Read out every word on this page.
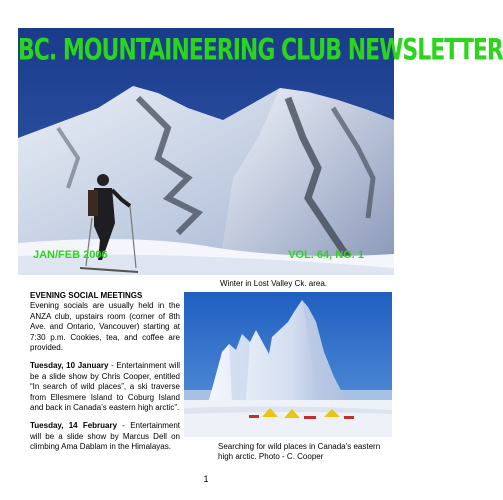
BC. MOUNTAINEERING CLUB NEWSLETTER
JAN/FEB 2006	VOL. 64, NO. 1
Winter in Lost Valley Ck. area.

EVENING SOCIAL MEETINGS
Evening socials are usually held in the ANZA club, upstairs room (corner of 8th Ave. and Ontario, Vancouver) starting at 7:30 p.m. Cookies, tea, and coffee are provided.

Tuesday, 10 January - Entertainment will be a slide show by Chris Cooper, entitled “In search of wild places”, a ski traverse from Ellesmere Island to Coburg Island and back in Canada’s eastern high arctic”.

Tuesday, 14 February - Entertainment will be a slide show by Marcus Dell on climbing Ama Dablam in the Himalayas.	Searching for wild places in Canada’s eastern high arctic. Photo - C. Cooper
1
